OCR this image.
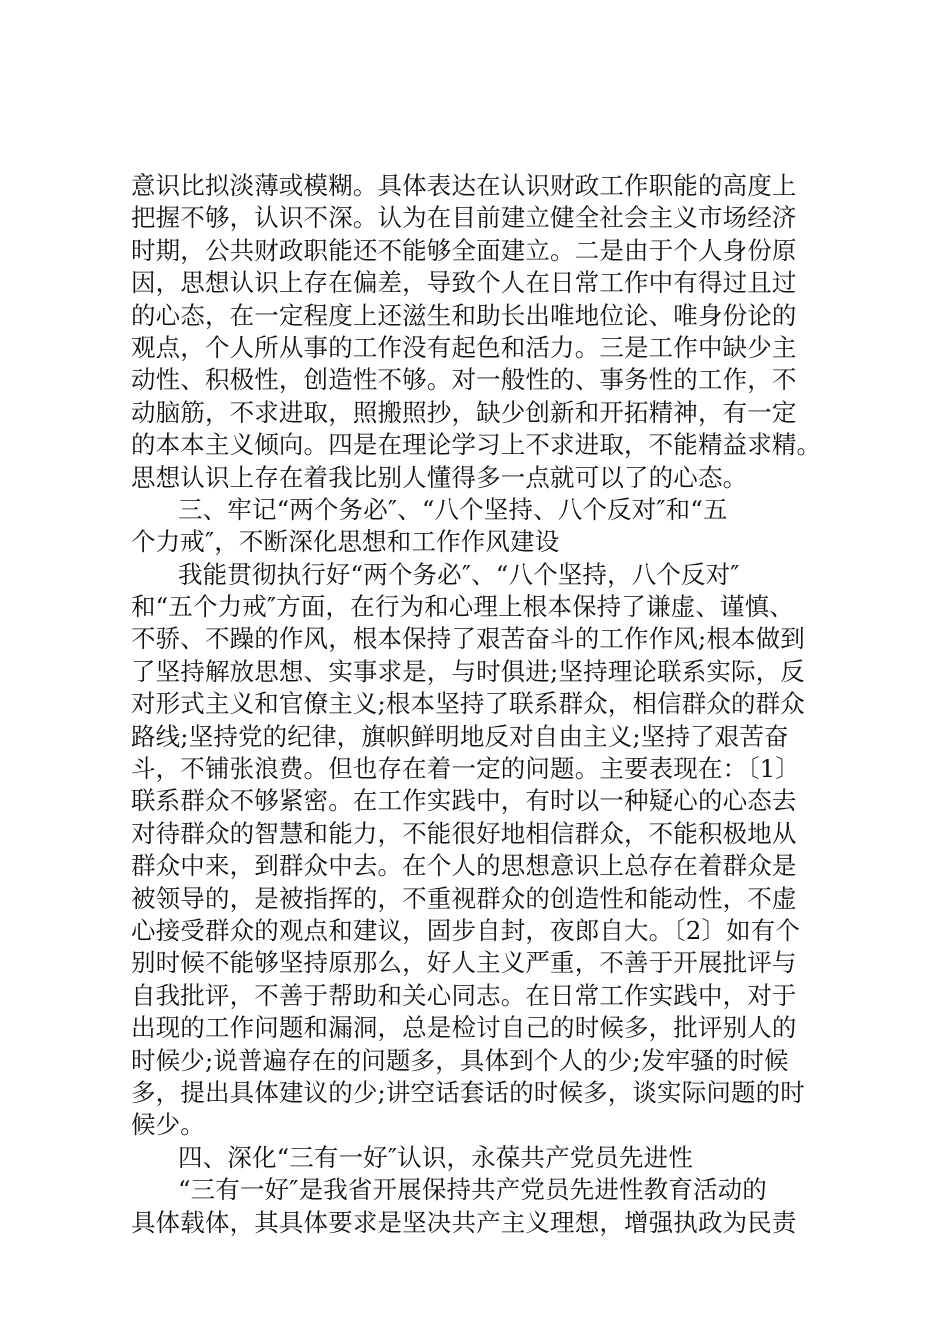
意识比拟淡薄或模糊。具体表达在认识财政工作职能的高度上
把握不够，认识不深。认为在目前建立健全社会主义市场经济
时期，公共财政职能还不能够全面建立。二是由于个人身份原
因，思想认识上存在偏差，导致个人在日常工作中有得过且过
的心态，在一定程度上还滋生和助长出唯地位论、唯身份论的
观点，个人所从事的工作没有起色和活力。三是工作中缺少主
动性、积极性，创造性不够。对一般性的、事务性的工作，不
动脑筋，不求进取，照搬照抄，缺少创新和开拓精神，有一定
的本本主义倾向。四是在理论学习上不求进取，不能精益求精。
思想认识上存在着我比别人懂得多一点就可以了的心态。
三、牢记“两个务必″、“八个坚持、八个反对″和“五
个力戒″，不断深化思想和工作作风建设
我能贯彻执行好“两个务必″、“八个坚持，八个反对″
和“五个力戒″方面，在行为和心理上根本保持了谦虚、谨慎、
不骄、不躁的作风，根本保持了艰苦奋斗的工作作风;根本做到
了坚持解放思想、实事求是，与时俱进;坚持理论联系实际，反
对形式主义和官僚主义;根本坚持了联系群众，相信群众的群众
路线;坚持党的纪律，旗帜鲜明地反对自由主义;坚持了艰苦奋
斗，不铺张浪费。但也存在着一定的问题。主要表现在：〔1〕
联系群众不够紧密。在工作实践中，有时以一种疑心的心态去
对待群众的智慧和能力，不能很好地相信群众，不能积极地从
群众中来，到群众中去。在个人的思想意识上总存在着群众是
被领导的，是被指挥的，不重视群众的创造性和能动性，不虚
心接受群众的观点和建议，固步自封，夜郎自大。〔2〕如有个
别时候不能够坚持原那么，好人主义严重，不善于开展批评与
自我批评，不善于帮助和关心同志。在日常工作实践中，对于
出现的工作问题和漏洞，总是检讨自己的时候多，批评别人的
时候少;说普遍存在的问题多，具体到个人的少;发牢骚的时候
多，提出具体建议的少;讲空话套话的时候多，谈实际问题的时
候少。
四、深化“三有一好″认识，永葆共产党员先进性
“三有一好″是我省开展保持共产党员先进性教育活动的
具体载体，其具体要求是坚决共产主义理想，增强执政为民责
